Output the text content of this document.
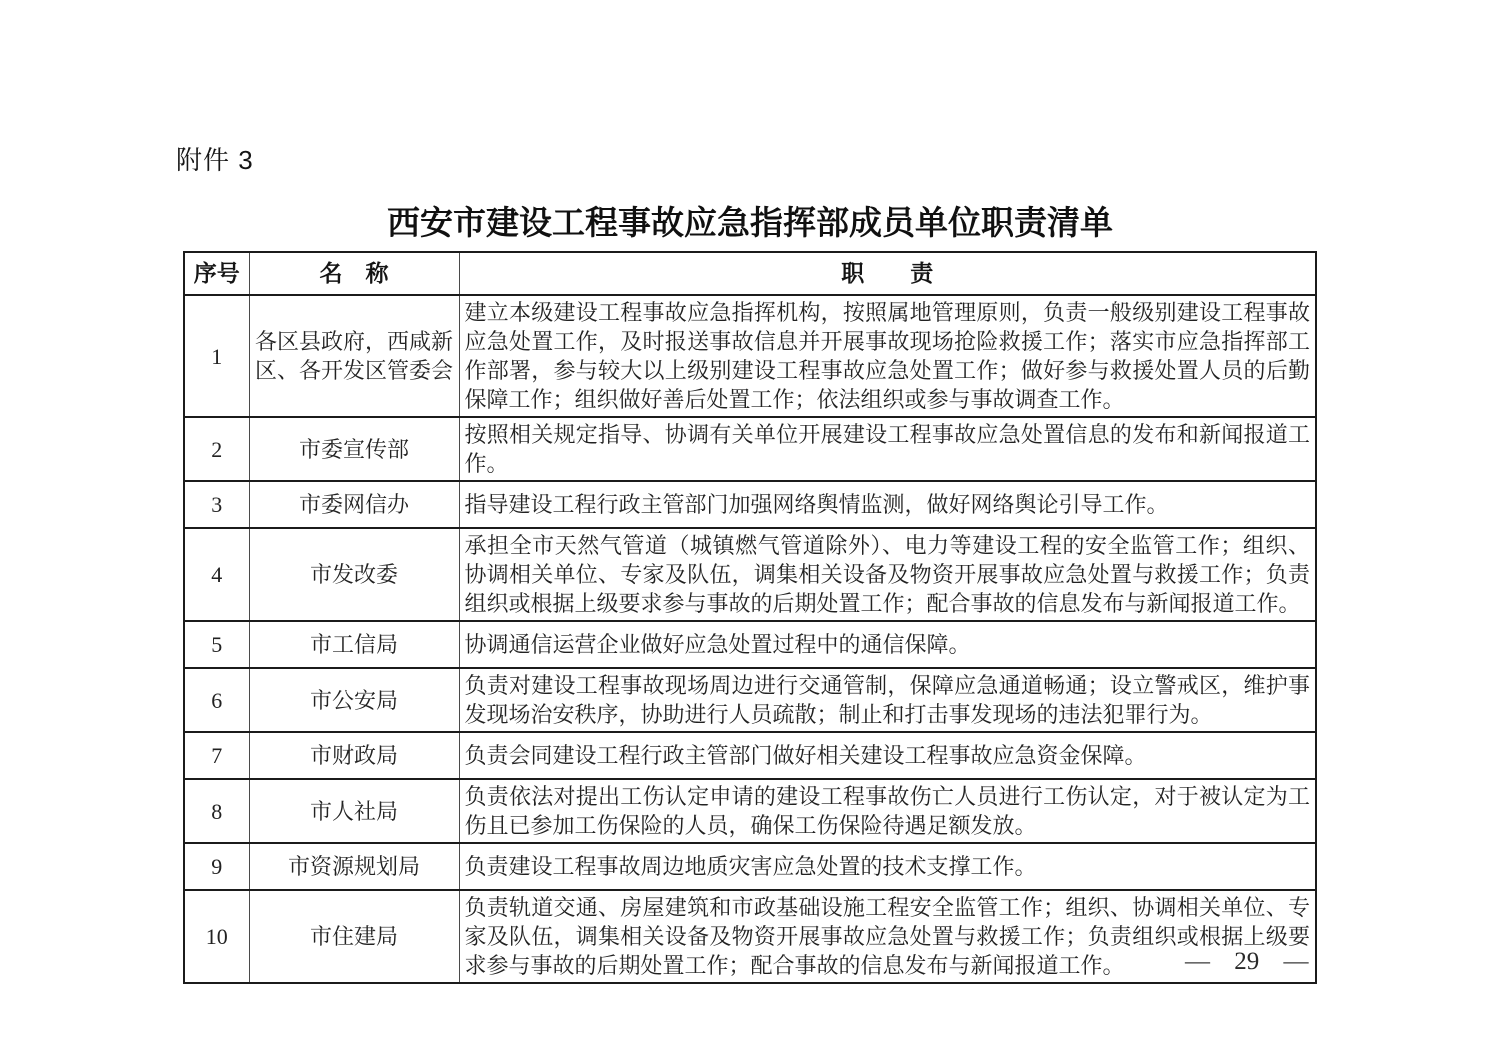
附件 3
西安市建设工程事故应急指挥部成员单位职责清单
序号	名　称	职　　责
1	各区县政府，西咸新区、各开发区管委会	建立本级建设工程事故应急指挥机构，按照属地管理原则，负责一般级别建设工程事故应急处置工作，及时报送事故信息并开展事故现场抢险救援工作；落实市应急指挥部工作部署，参与较大以上级别建设工程事故应急处置工作；做好参与救援处置人员的后勤保障工作；组织做好善后处置工作；依法组织或参与事故调查工作。
2	市委宣传部	按照相关规定指导、协调有关单位开展建设工程事故应急处置信息的发布和新闻报道工作。
3	市委网信办	指导建设工程行政主管部门加强网络舆情监测，做好网络舆论引导工作。
4	市发改委	承担全市天然气管道（城镇燃气管道除外）、电力等建设工程的安全监管工作；组织、协调相关单位、专家及队伍，调集相关设备及物资开展事故应急处置与救援工作；负责组织或根据上级要求参与事故的后期处置工作；配合事故的信息发布与新闻报道工作。
5	市工信局	协调通信运营企业做好应急处置过程中的通信保障。
6	市公安局	负责对建设工程事故现场周边进行交通管制，保障应急通道畅通；设立警戒区，维护事发现场治安秩序，协助进行人员疏散；制止和打击事发现场的违法犯罪行为。
7	市财政局	负责会同建设工程行政主管部门做好相关建设工程事故应急资金保障。
8	市人社局	负责依法对提出工伤认定申请的建设工程事故伤亡人员进行工伤认定，对于被认定为工伤且已参加工伤保险的人员，确保工伤保险待遇足额发放。
9	市资源规划局	负责建设工程事故周边地质灾害应急处置的技术支撑工作。
10	市住建局	负责轨道交通、房屋建筑和市政基础设施工程安全监管工作；组织、协调相关单位、专家及队伍，调集相关设备及物资开展事故应急处置与救援工作；负责组织或根据上级要求参与事故的后期处置工作；配合事故的信息发布与新闻报道工作。 — 29 —
